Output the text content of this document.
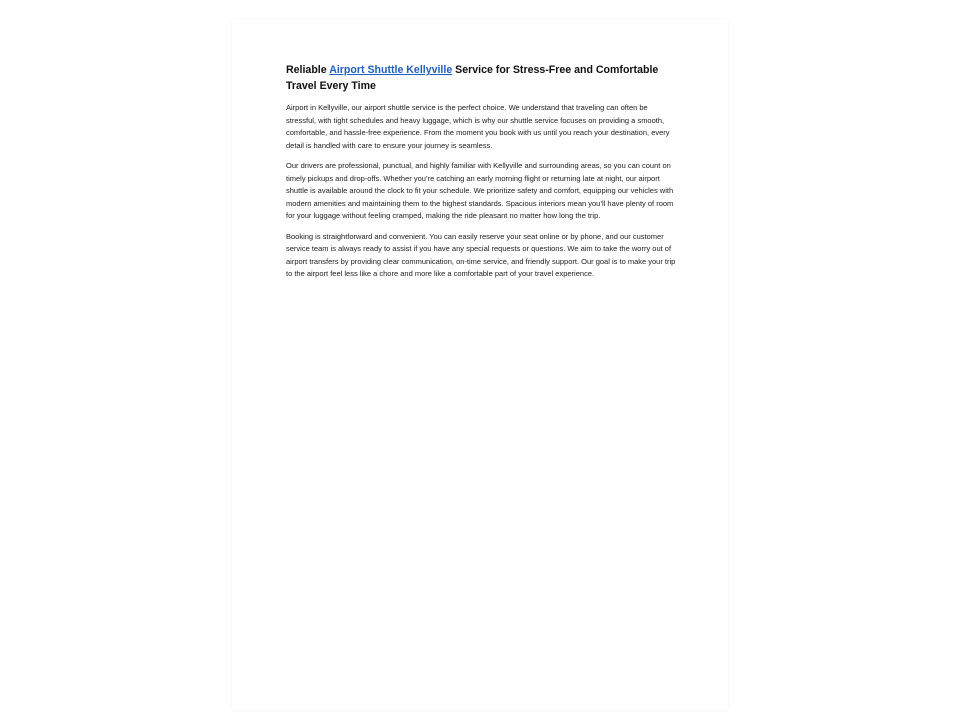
Reliable Airport Shuttle Kellyville Service for Stress-Free and Comfortable Travel Every Time

Airport in Kellyville, our airport shuttle service is the perfect choice. We understand that traveling can often be stressful, with tight schedules and heavy luggage, which is why our shuttle service focuses on providing a smooth, comfortable, and hassle-free experience. From the moment you book with us until you reach your destination, every detail is handled with care to ensure your journey is seamless.

Our drivers are professional, punctual, and highly familiar with Kellyville and surrounding areas, so you can count on timely pickups and drop-offs. Whether you’re catching an early morning flight or returning late at night, our airport shuttle is available around the clock to fit your schedule. We prioritize safety and comfort, equipping our vehicles with modern amenities and maintaining them to the highest standards. Spacious interiors mean you’ll have plenty of room for your luggage without feeling cramped, making the ride pleasant no matter how long the trip.

Booking is straightforward and convenient. You can easily reserve your seat online or by phone, and our customer service team is always ready to assist if you have any special requests or questions. We aim to take the worry out of airport transfers by providing clear communication, on-time service, and friendly support. Our goal is to make your trip to the airport feel less like a chore and more like a comfortable part of your travel experience.
